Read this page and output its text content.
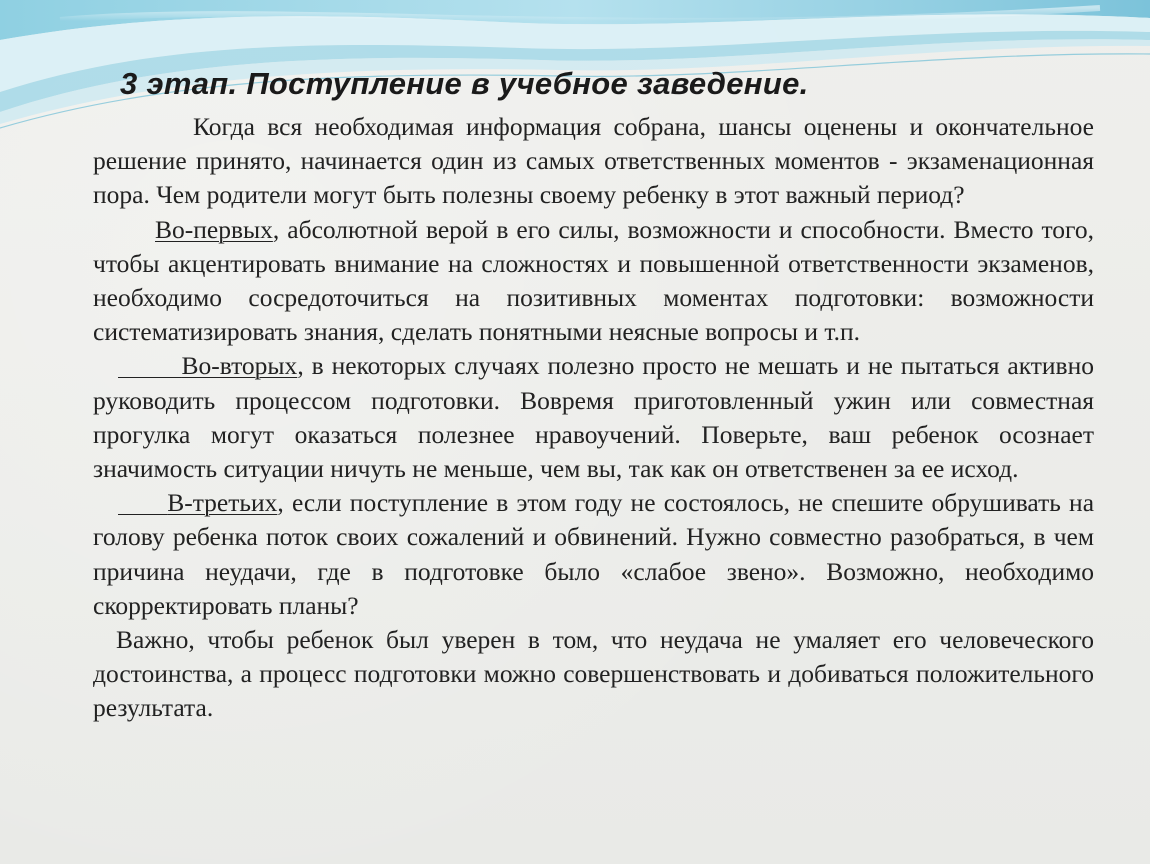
3 этап. Поступление в учебное заведение.

Когда вся необходимая информация собрана, шансы оценены и окончательное решение принято, начинается один из самых ответственных моментов - экзаменационная пора. Чем родители могут быть полезны своему ребенку в этот важный период?

Во-первых, абсолютной верой в его силы, возможности и способности. Вместо того, чтобы акцентировать внимание на сложностях и повышенной ответственности экзаменов, необходимо сосредоточиться на позитивных моментах подготовки: возможности систематизировать знания, сделать понятными неясные вопросы и т.п.

Во-вторых, в некоторых случаях полезно просто не мешать и не пытаться активно руководить процессом подготовки. Вовремя приготовленный ужин или совместная прогулка могут оказаться полезнее нравоучений. Поверьте, ваш ребенок осознает значимость ситуации ничуть не меньше, чем вы, так как он ответственен за ее исход.

В-третьих, если поступление в этом году не состоялось, не спешите обрушивать на голову ребенка поток своих сожалений и обвинений. Нужно совместно разобраться, в чем причина неудачи, где в подготовке было «слабое звено». Возможно, необходимо скорректировать планы?

Важно, чтобы ребенок был уверен в том, что неудача не умаляет его человеческого достоинства, а процесс подготовки можно совершенствовать и добиваться положительного результата.
